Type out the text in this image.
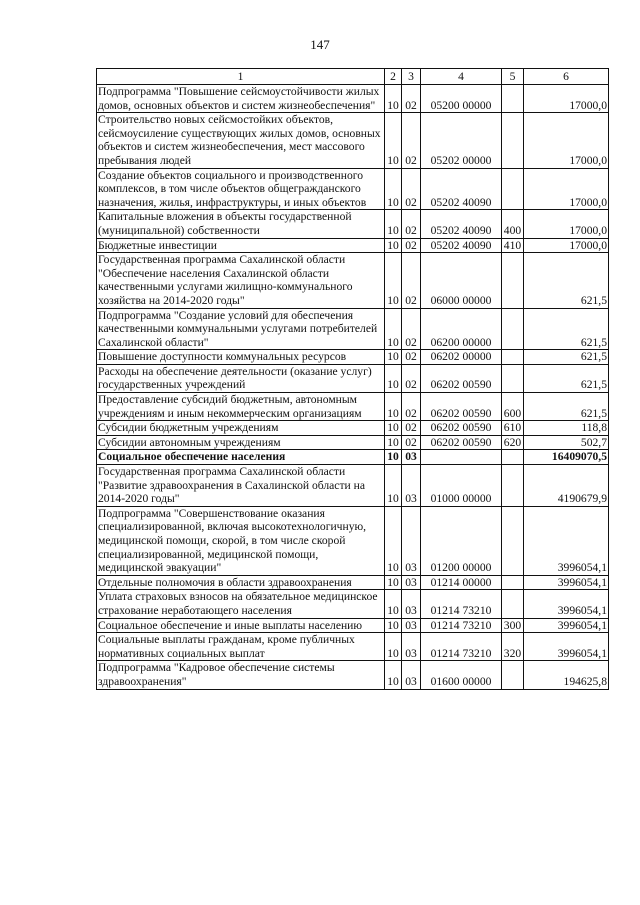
147
1	2	3	4	5	6
Подпрограмма "Повышение сейсмоустойчивости жилых домов, основных объектов и систем жизнеобеспечения"	10	02	05200 00000		17000,0
Строительство новых сейсмостойких объектов, сейсмоусиление существующих жилых домов, основных объектов и систем жизнеобеспечения, мест массового пребывания людей	10	02	05202 00000		17000,0
Создание объектов социального и производственного комплексов, в том числе объектов общегражданского назначения, жилья, инфраструктуры, и иных объектов	10	02	05202 40090		17000,0
Капитальные вложения в объекты государственной (муниципальной) собственности	10	02	05202 40090	400	17000,0
Бюджетные инвестиции	10	02	05202 40090	410	17000,0
Государственная программа Сахалинской области "Обеспечение населения Сахалинской области качественными услугами жилищно-коммунального хозяйства на 2014-2020 годы"	10	02	06000 00000		621,5
Подпрограмма "Создание условий для обеспечения качественными коммунальными услугами потребителей Сахалинской области"	10	02	06200 00000		621,5
Повышение доступности коммунальных ресурсов	10	02	06202 00000		621,5
Расходы на обеспечение деятельности (оказание услуг) государственных учреждений	10	02	06202 00590		621,5
Предоставление субсидий бюджетным, автономным учреждениям и иным некоммерческим организациям	10	02	06202 00590	600	621,5
Субсидии бюджетным учреждениям	10	02	06202 00590	610	118,8
Субсидии автономным учреждениям	10	02	06202 00590	620	502,7
Социальное обеспечение населения	10	03			16409070,5
Государственная программа Сахалинской области "Развитие здравоохранения в Сахалинской области на 2014-2020 годы"	10	03	01000 00000		4190679,9
Подпрограмма "Совершенствование оказания специализированной, включая высокотехнологичную, медицинской помощи, скорой, в том числе скорой специализированной, медицинской помощи, медицинской эвакуации"	10	03	01200 00000		3996054,1
Отдельные полномочия в области здравоохранения	10	03	01214 00000		3996054,1
Уплата страховых взносов на обязательное медицинское страхование неработающего населения	10	03	01214 73210		3996054,1
Социальное обеспечение и иные выплаты населению	10	03	01214 73210	300	3996054,1
Социальные выплаты гражданам, кроме публичных нормативных социальных выплат	10	03	01214 73210	320	3996054,1
Подпрограмма "Кадровое обеспечение системы здравоохранения"	10	03	01600 00000		194625,8
